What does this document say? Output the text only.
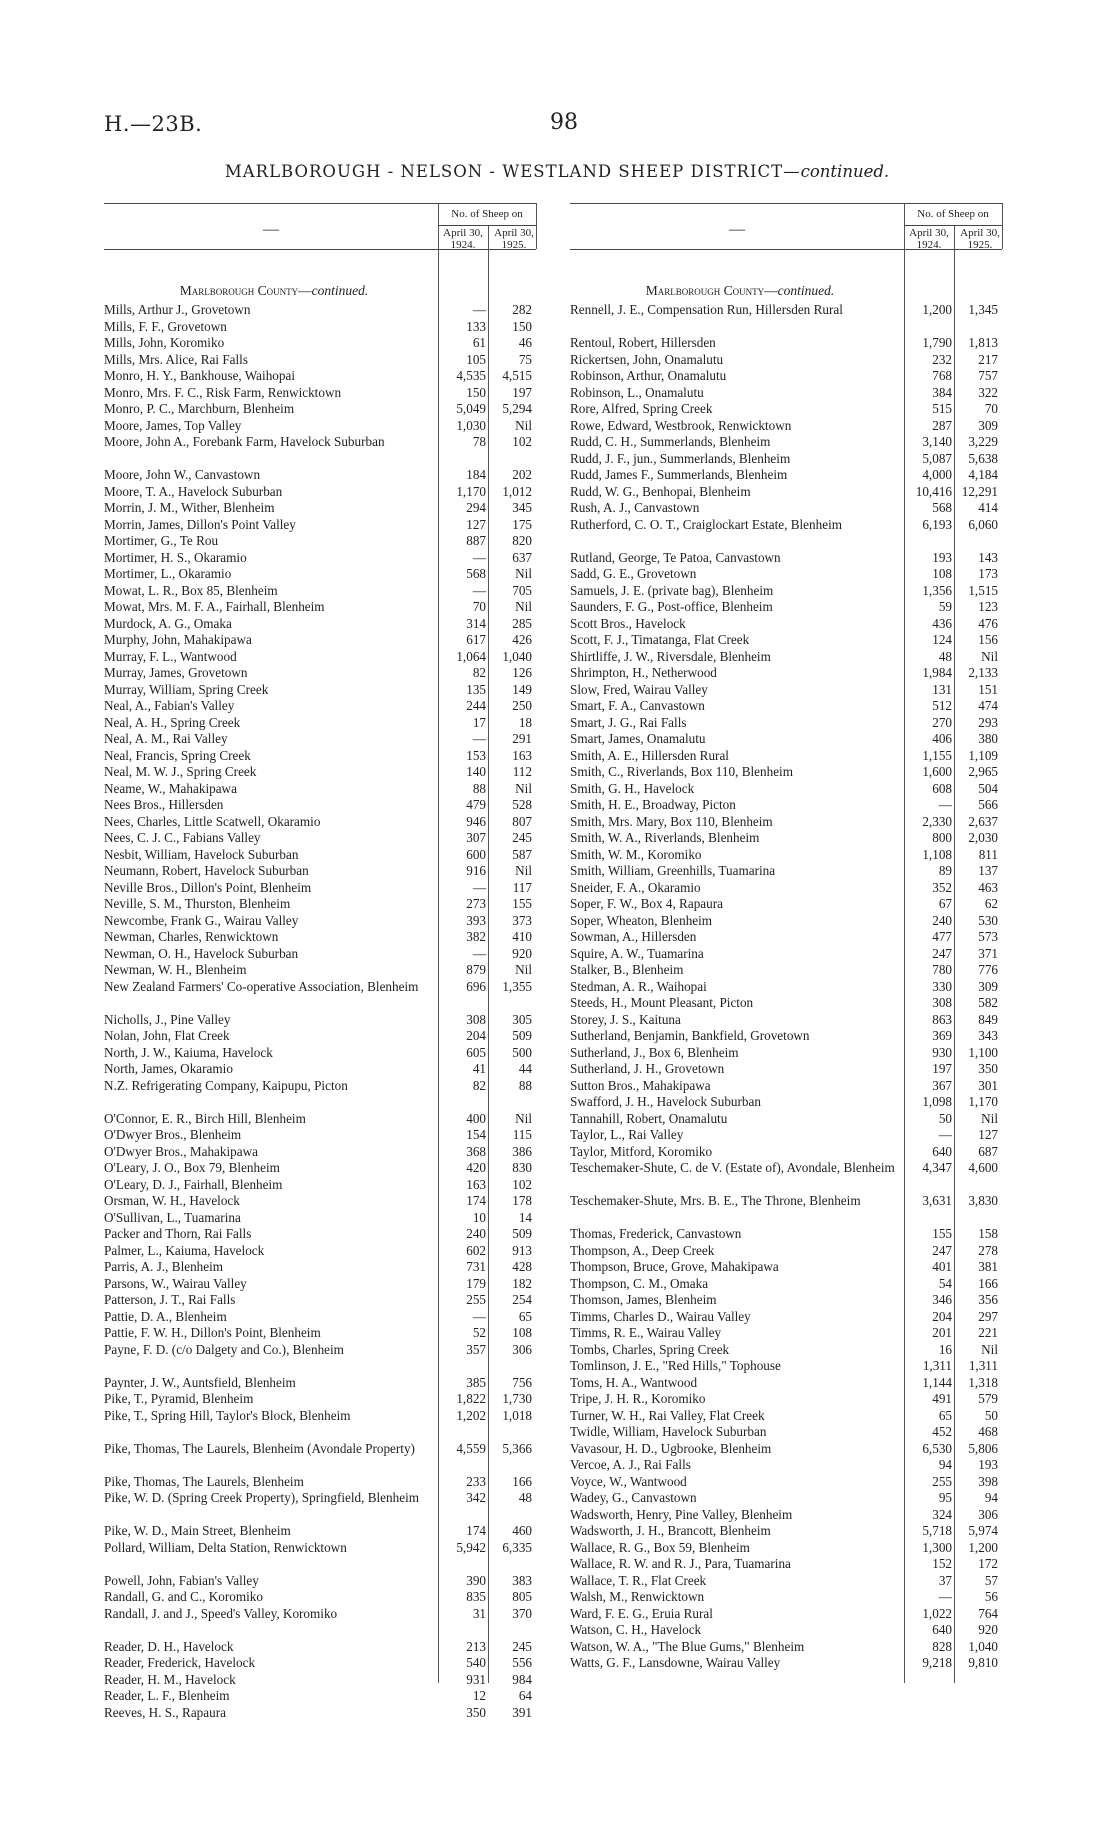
H.—23B.	98
MARLBOROUGH - NELSON - WESTLAND SHEEP DISTRICT—continued.
—
No. of Sheep on
April 30,
1924.
April 30,
1925.
Marlborough County—continued.
Mills, Arthur J., Grovetown	—	282
Mills, F. F., Grovetown	133	150
Mills, John, Koromiko	61	46
Mills, Mrs. Alice, Rai Falls	105	75
Monro, H. Y., Bankhouse, Waihopai	4,535	4,515
Monro, Mrs. F. C., Risk Farm, Renwicktown	150	197
Monro, P. C., Marchburn, Blenheim	5,049	5,294
Moore, James, Top Valley	1,030	Nil
Moore, John A., Forebank Farm, Havelock Suburban	78	102
Moore, John W., Canvastown	184	202
Moore, T. A., Havelock Suburban	1,170	1,012
Morrin, J. M., Wither, Blenheim	294	345
Morrin, James, Dillon's Point Valley	127	175
Mortimer, G., Te Rou	887	820
Mortimer, H. S., Okaramio	—	637
Mortimer, L., Okaramio	568	Nil
Mowat, L. R., Box 85, Blenheim	—	705
Mowat, Mrs. M. F. A., Fairhall, Blenheim	70	Nil
Murdock, A. G., Omaka	314	285
Murphy, John, Mahakipawa	617	426
Murray, F. L., Wantwood	1,064	1,040
Murray, James, Grovetown	82	126
Murray, William, Spring Creek	135	149
Neal, A., Fabian's Valley	244	250
Neal, A. H., Spring Creek	17	18
Neal, A. M., Rai Valley	—	291
Neal, Francis, Spring Creek	153	163
Neal, M. W. J., Spring Creek	140	112
Neame, W., Mahakipawa	88	Nil
Nees Bros., Hillersden	479	528
Nees, Charles, Little Scatwell, Okaramio	946	807
Nees, C. J. C., Fabians Valley	307	245
Nesbit, William, Havelock Suburban	600	587
Neumann, Robert, Havelock Suburban	916	Nil
Neville Bros., Dillon's Point, Blenheim	—	117
Neville, S. M., Thurston, Blenheim	273	155
Newcombe, Frank G., Wairau Valley	393	373
Newman, Charles, Renwicktown	382	410
Newman, O. H., Havelock Suburban	—	920
Newman, W. H., Blenheim	879	Nil
New Zealand Farmers' Co-operative Association, Blenheim	696	1,355
Nicholls, J., Pine Valley	308	305
Nolan, John, Flat Creek	204	509
North, J. W., Kaiuma, Havelock	605	500
North, James, Okaramio	41	44
N.Z. Refrigerating Company, Kaipupu, Picton	82	88
O'Connor, E. R., Birch Hill, Blenheim	400	Nil
O'Dwyer Bros., Blenheim	154	115
O'Dwyer Bros., Mahakipawa	368	386
O'Leary, J. O., Box 79, Blenheim	420	830
O'Leary, D. J., Fairhall, Blenheim	163	102
Orsman, W. H., Havelock	174	178
O'Sullivan, L., Tuamarina	10	14
Packer and Thorn, Rai Falls	240	509
Palmer, L., Kaiuma, Havelock	602	913
Parris, A. J., Blenheim	731	428
Parsons, W., Wairau Valley	179	182
Patterson, J. T., Rai Falls	255	254
Pattie, D. A., Blenheim	—	65
Pattie, F. W. H., Dillon's Point, Blenheim	52	108
Payne, F. D. (c/o Dalgety and Co.), Blenheim	357	306
Paynter, J. W., Auntsfield, Blenheim	385	756
Pike, T., Pyramid, Blenheim	1,822	1,730
Pike, T., Spring Hill, Taylor's Block, Blenheim	1,202	1,018
Pike, Thomas, The Laurels, Blenheim (Avondale Property)	4,559	5,366
Pike, Thomas, The Laurels, Blenheim	233	166
Pike, W. D. (Spring Creek Property), Springfield, Blenheim	342	48
Pike, W. D., Main Street, Blenheim	174	460
Pollard, William, Delta Station, Renwicktown	5,942	6,335
Powell, John, Fabian's Valley	390	383
Randall, G. and C., Koromiko	835	805
Randall, J. and J., Speed's Valley, Koromiko	31	370
Reader, D. H., Havelock	213	245
Reader, Frederick, Havelock	540	556
Reader, H. M., Havelock	931	984
Reader, L. F., Blenheim	12	64
Reeves, H. S., Rapaura	350	391
—
No. of Sheep on
April 30,
1924.
April 30,
1925.
Marlborough County—continued.
Rennell, J. E., Compensation Run, Hillersden Rural	1,200	1,345
Rentoul, Robert, Hillersden	1,790	1,813
Rickertsen, John, Onamalutu	232	217
Robinson, Arthur, Onamalutu	768	757
Robinson, L., Onamalutu	384	322
Rore, Alfred, Spring Creek	515	70
Rowe, Edward, Westbrook, Renwicktown	287	309
Rudd, C. H., Summerlands, Blenheim	3,140	3,229
Rudd, J. F., jun., Summerlands, Blenheim	5,087	5,638
Rudd, James F., Summerlands, Blenheim	4,000	4,184
Rudd, W. G., Benhopai, Blenheim	10,416 12,291
Rush, A. J., Canvastown	568	414
Rutherford, C. O. T., Craiglockart Estate, Blenheim	6,193	6,060
Rutland, George, Te Patoa, Canvastown	193	143
Sadd, G. E., Grovetown	108	173
Samuels, J. E. (private bag), Blenheim	1,356	1,515
Saunders, F. G., Post-office, Blenheim	59	123
Scott Bros., Havelock	436	476
Scott, F. J., Timatanga, Flat Creek	124	156
Shirtliffe, J. W., Riversdale, Blenheim	48	Nil
Shrimpton, H., Netherwood	1,984	2,133
Slow, Fred, Wairau Valley	131	151
Smart, F. A., Canvastown	512	474
Smart, J. G., Rai Falls	270	293
Smart, James, Onamalutu	406	380
Smith, A. E., Hillersden Rural	1,155	1,109
Smith, C., Riverlands, Box 110, Blenheim	1,600	2,965
Smith, G. H., Havelock	608	504
Smith, H. E., Broadway, Picton	—	566
Smith, Mrs. Mary, Box 110, Blenheim	2,330	2,637
Smith, W. A., Riverlands, Blenheim	800	2,030
Smith, W. M., Koromiko	1,108	811
Smith, William, Greenhills, Tuamarina	89	137
Sneider, F. A., Okaramio	352	463
Soper, F. W., Box 4, Rapaura	67	62
Soper, Wheaton, Blenheim	240	530
Sowman, A., Hillersden	477	573
Squire, A. W., Tuamarina	247	371
Stalker, B., Blenheim	780	776
Stedman, A. R., Waihopai	330	309
Steeds, H., Mount Pleasant, Picton	308	582
Storey, J. S., Kaituna	863	849
Sutherland, Benjamin, Bankfield, Grovetown	369	343
Sutherland, J., Box 6, Blenheim	930	1,100
Sutherland, J. H., Grovetown	197	350
Sutton Bros., Mahakipawa	367	301
Swafford, J. H., Havelock Suburban	1,098	1,170
Tannahill, Robert, Onamalutu	50	Nil
Taylor, L., Rai Valley	—	127
Taylor, Mitford, Koromiko	640	687
Teschemaker-Shute, C. de V. (Estate of), Avondale, Blenheim	4,347	4,600
Teschemaker-Shute, Mrs. B. E., The Throne, Blenheim	3,631	3,830
Thomas, Frederick, Canvastown	155	158
Thompson, A., Deep Creek	247	278
Thompson, Bruce, Grove, Mahakipawa	401	381
Thompson, C. M., Omaka	54	166
Thomson, James, Blenheim	346	356
Timms, Charles D., Wairau Valley	204	297
Timms, R. E., Wairau Valley	201	221
Tombs, Charles, Spring Creek	16	Nil
Tomlinson, J. E., "Red Hills," Tophouse	1,311	1,311
Toms, H. A., Wantwood	1,144	1,318
Tripe, J. H. R., Koromiko	491	579
Turner, W. H., Rai Valley, Flat Creek	65	50
Twidle, William, Havelock Suburban	452	468
Vavasour, H. D., Ugbrooke, Blenheim	6,530	5,806
Vercoe, A. J., Rai Falls	94	193
Voyce, W., Wantwood	255	398
Wadey, G., Canvastown	95	94
Wadsworth, Henry, Pine Valley, Blenheim	324	306
Wadsworth, J. H., Brancott, Blenheim	5,718	5,974
Wallace, R. G., Box 59, Blenheim	1,300	1,200
Wallace, R. W. and R. J., Para, Tuamarina	152	172
Wallace, T. R., Flat Creek	37	57
Walsh, M., Renwicktown	—	56
Ward, F. E. G., Eruia Rural	1,022	764
Watson, C. H., Havelock	640	920
Watson, W. A., "The Blue Gums," Blenheim	828	1,040
Watts, G. F., Lansdowne, Wairau Valley	9,218	9,810
